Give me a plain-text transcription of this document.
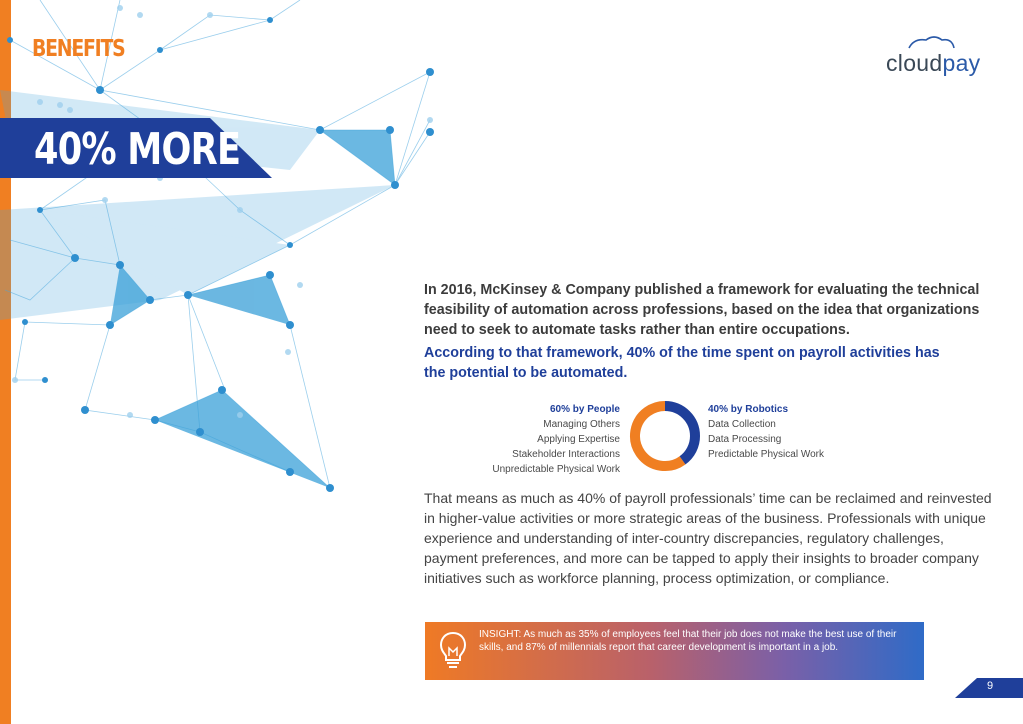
BENEFITS
40% MORE
cloudpay
In 2016, McKinsey & Company published a framework for evaluating the technical feasibility of automation across professions, based on the idea that organizations need to seek to automate tasks rather than entire occupations.
According to that framework, 40% of the time spent on payroll activities has the potential to be automated.
60% by People
Managing Others
Applying Expertise
Stakeholder Interactions
Unpredictable Physical Work
40% by Robotics
Data Collection
Data Processing
Predictable Physical Work
That means as much as 40% of payroll professionals’ time can be reclaimed and reinvested in higher-value activities or more strategic areas of the business. Professionals with unique experience and understanding of inter-country discrepancies, regulatory challenges, payment preferences, and more can be tapped to apply their insights to broader company initiatives such as workforce planning, process optimization, or compliance.
INSIGHT: As much as 35% of employees feel that their job does not make the best use of their skills, and 87% of millennials report that career development is important in a job.
9
